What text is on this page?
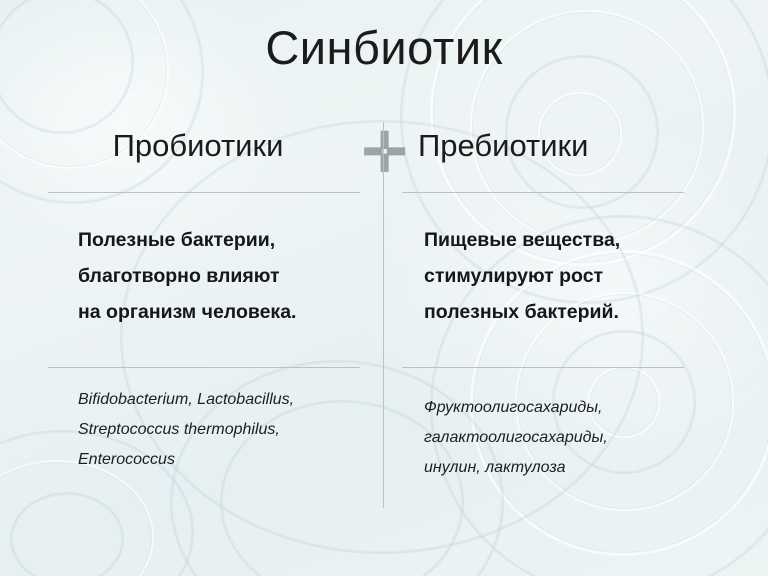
Синбиотик
Пробиотики	Пребиотики
✛
Полезные бактерии,
благотворно влияют
на организм человека.
Пищевые вещества,
стимулируют рост
полезных бактерий.
Bifidobacterium, Lactobacillus,
Streptococcus thermophilus,
Enterococcus
Фруктоолигосахариды,
галактоолигосахариды,
инулин, лактулоза
